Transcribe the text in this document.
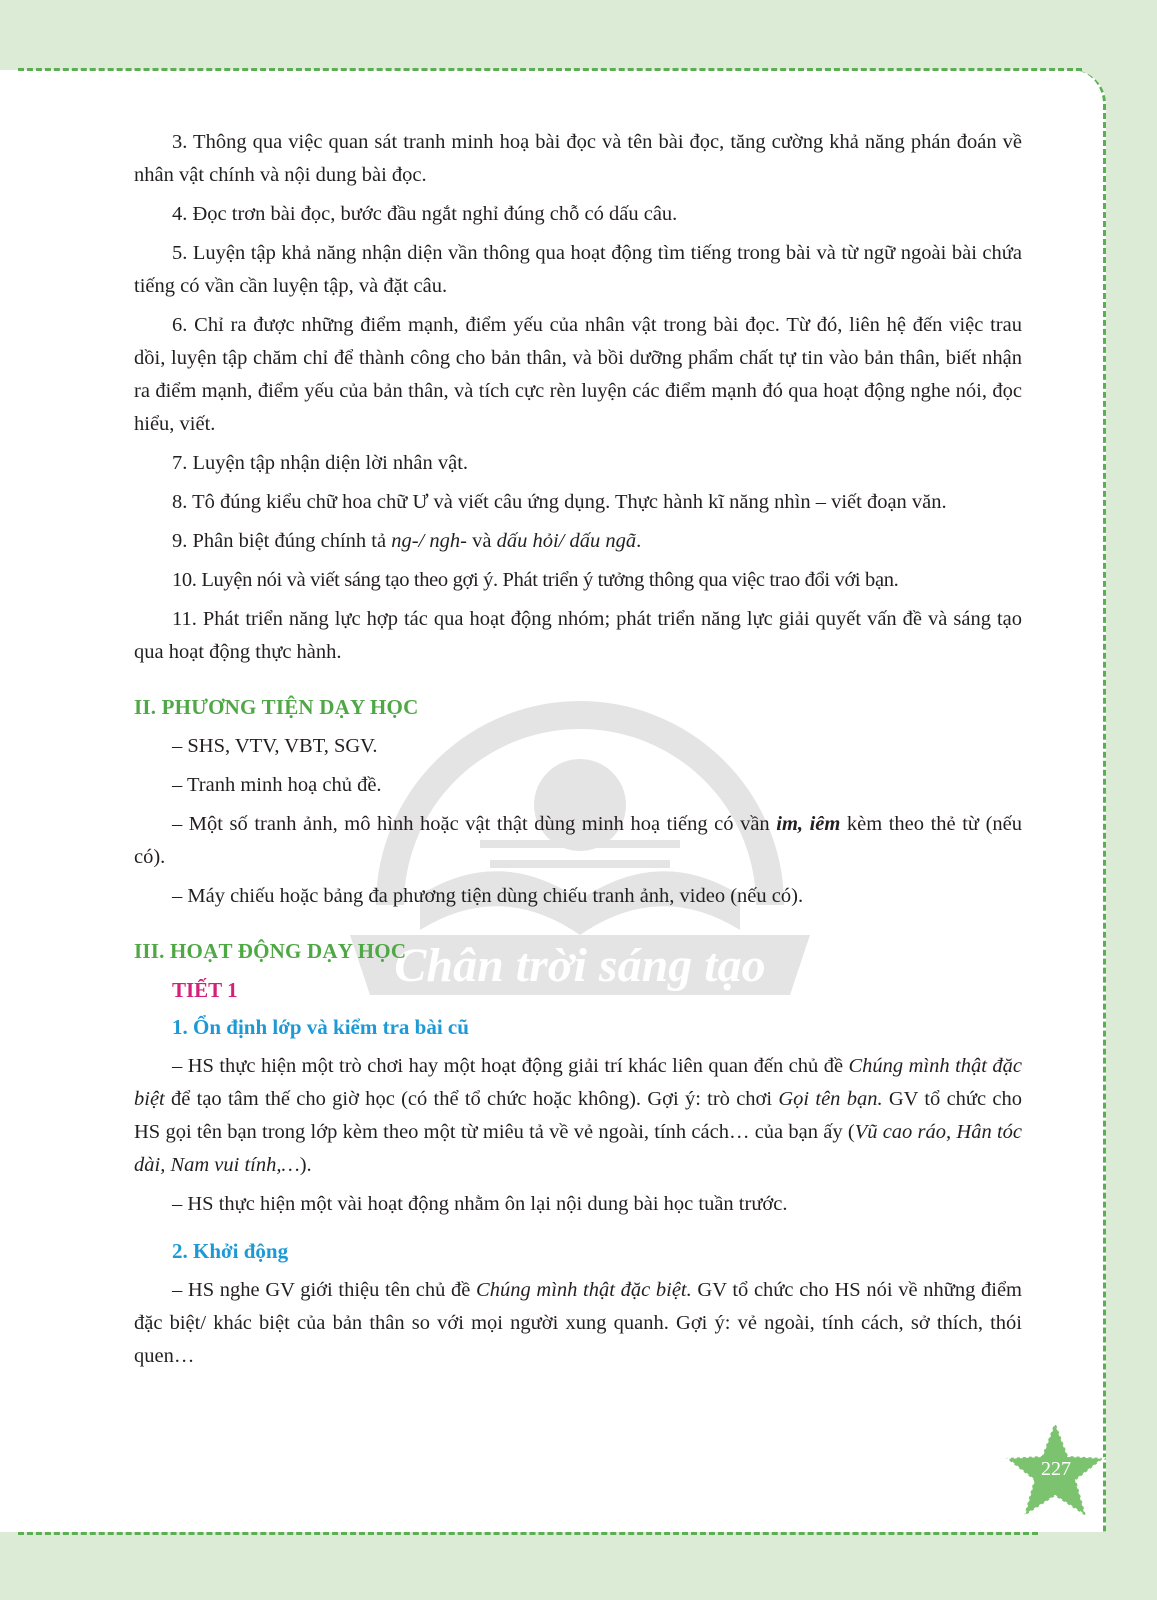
3. Thông qua việc quan sát tranh minh hoạ bài đọc và tên bài đọc, tăng cường khả năng phán đoán về nhân vật chính và nội dung bài đọc.

4. Đọc trơn bài đọc, bước đầu ngắt nghỉ đúng chỗ có dấu câu.

5. Luyện tập khả năng nhận diện vần thông qua hoạt động tìm tiếng trong bài và từ ngữ ngoài bài chứa tiếng có vần cần luyện tập, và đặt câu.

6. Chỉ ra được những điểm mạnh, điểm yếu của nhân vật trong bài đọc. Từ đó, liên hệ đến việc trau dồi, luyện tập chăm chỉ để thành công cho bản thân, và bồi dưỡng phẩm chất tự tin vào bản thân, biết nhận ra điểm mạnh, điểm yếu của bản thân, và tích cực rèn luyện các điểm mạnh đó qua hoạt động nghe nói, đọc hiểu, viết.

7. Luyện tập nhận diện lời nhân vật.

8. Tô đúng kiểu chữ hoa chữ Ư và viết câu ứng dụng. Thực hành kĩ năng nhìn – viết đoạn văn.

9. Phân biệt đúng chính tả ng-/ ngh- và dấu hỏi/ dấu ngã.

10. Luyện nói và viết sáng tạo theo gợi ý. Phát triển ý tưởng thông qua việc trao đổi với bạn.

11. Phát triển năng lực hợp tác qua hoạt động nhóm; phát triển năng lực giải quyết vấn đề và sáng tạo qua hoạt động thực hành.

II. PHƯƠNG TIỆN DẠY HỌC

– SHS, VTV, VBT, SGV.

– Tranh minh hoạ chủ đề.

– Một số tranh ảnh, mô hình hoặc vật thật dùng minh hoạ tiếng có vần im, iêm kèm theo thẻ từ (nếu có).

– Máy chiếu hoặc bảng đa phương tiện dùng chiếu tranh ảnh, video (nếu có).

III. HOẠT ĐỘNG DẠY HỌC
TIẾT 1
1. Ổn định lớp và kiểm tra bài cũ

– HS thực hiện một trò chơi hay một hoạt động giải trí khác liên quan đến chủ đề Chúng mình thật đặc biệt để tạo tâm thế cho giờ học (có thể tổ chức hoặc không). Gợi ý: trò chơi Gọi tên bạn. GV tổ chức cho HS gọi tên bạn trong lớp kèm theo một từ miêu tả về vẻ ngoài, tính cách… của bạn ấy (Vũ cao ráo, Hân tóc dài, Nam vui tính,…).

– HS thực hiện một vài hoạt động nhằm ôn lại nội dung bài học tuần trước.

2. Khởi động

– HS nghe GV giới thiệu tên chủ đề Chúng mình thật đặc biệt. GV tổ chức cho HS nói về những điểm đặc biệt/ khác biệt của bản thân so với mọi người xung quanh. Gợi ý: vẻ ngoài, tính cách, sở thích, thói quen…

227
